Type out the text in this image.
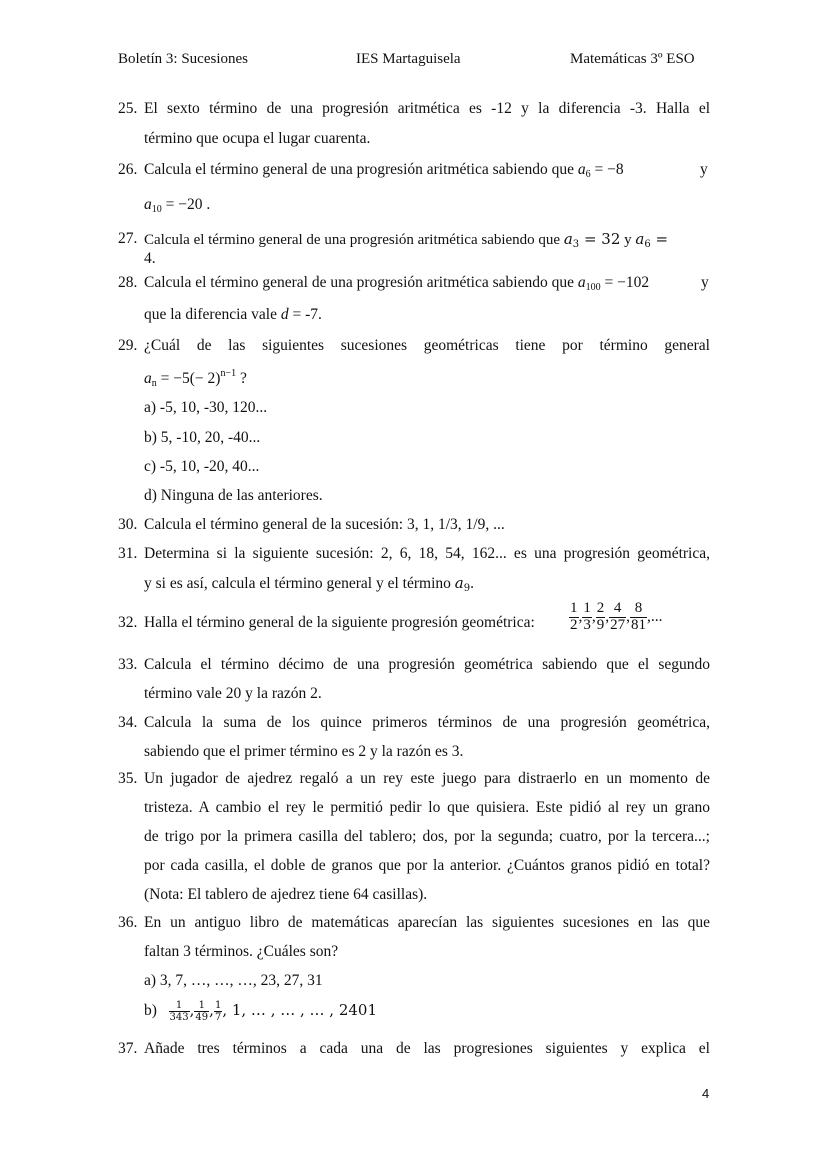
Boletín 3: Sucesiones	IES Martaguisela	Matemáticas 3º ESO
25. El sexto término de una progresión aritmética es -12 y la diferencia -3. Halla el
término que ocupa el lugar cuarenta.
26. Calcula el término general de una progresión aritmética sabiendo que $a_6 = -8$	y
$a_{10} = -20$ .
27. Calcula el término general de una progresión aritmética sabiendo que $a_3 = 32$ y $a_6$ =
4.
28. Calcula el término general de una progresión aritmética sabiendo que $a_{100} = -102$	y
que la diferencia vale d = -7.
29. ¿Cuál de las siguientes sucesiones geométricas tiene por término general
$a_n = -5(- 2)^{n-1}$ ?
a) -5, 10, -30, 120...
b) 5, -10, 20, -40...
c) -5, 10, -20, 40...
d) Ninguna de las anteriores.
30. Calcula el término general de la sucesión: 3, 1, 1/3, 1/9, ...
31. Determina si la siguiente sucesión: 2, 6, 18, 54, 162... es una progresión geométrica,
y si es así, calcula el término general y el término $a_9$.
32. Halla el término general de la siguiente progresión geométrica: $\frac{1}{2}$ , $\frac{1}{3}$ , $\frac{2}{9}$ , $\frac{4}{27}$ , $\frac{8}{81}$ ,...
33. Calcula el término décimo de una progresión geométrica sabiendo que el segundo
término vale 20 y la razón 2.
34. Calcula la suma de los quince primeros términos de una progresión geométrica,
sabiendo que el primer término es 2 y la razón es 3.
35. Un jugador de ajedrez regaló a un rey este juego para distraerlo en un momento de
tristeza. A cambio el rey le permitió pedir lo que quisiera. Este pidió al rey un grano
de trigo por la primera casilla del tablero; dos, por la segunda; cuatro, por la tercera...;
por cada casilla, el doble de granos que por la anterior. ¿Cuántos granos pidió en total?
(Nota: El tablero de ajedrez tiene 64 casillas).
36. En un antiguo libro de matemáticas aparecían las siguientes sucesiones en las que
faltan 3 términos. ¿Cuáles son?
a) 3, 7, …, …, …, 23, 27, 31
$b) \frac{1}{343}$ , $\frac{1}{49}$ , $\frac{1}{7}$ , 1, … , … , … , 2401
37. Añade tres términos a cada una de las progresiones siguientes y explica el
4
